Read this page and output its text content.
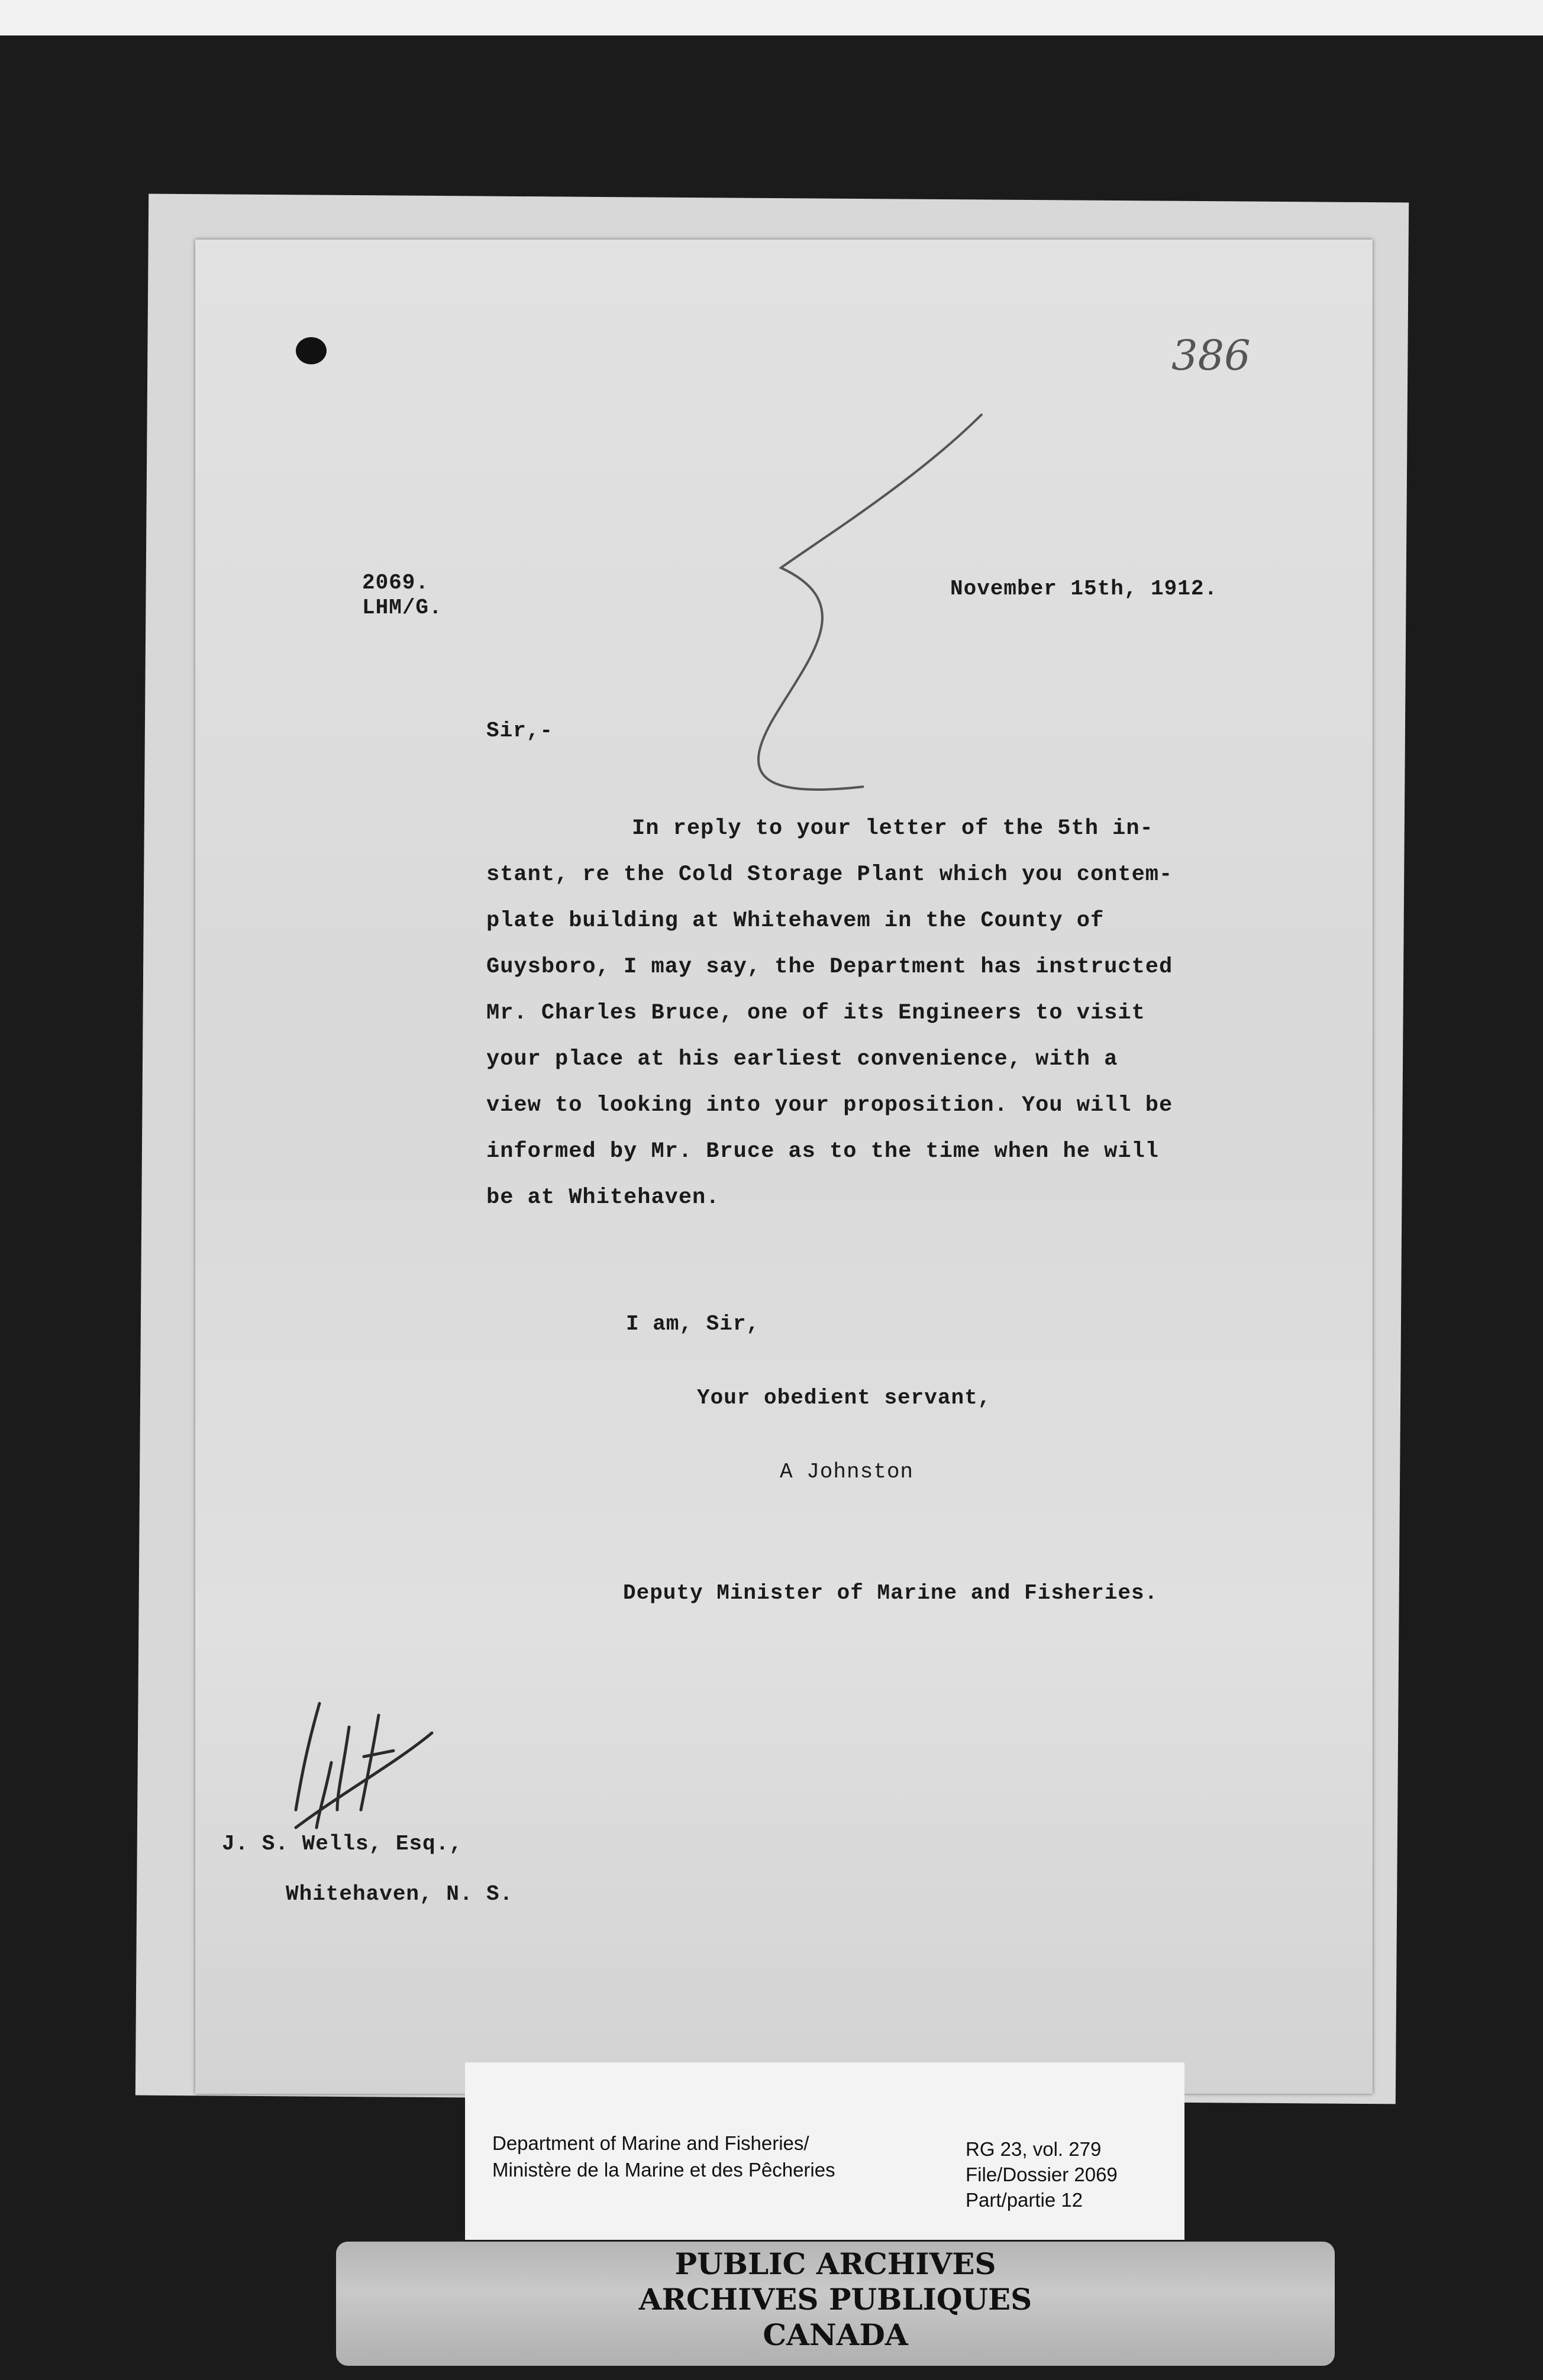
386
2069.
LHM/G.
November 15th, 1912.
Sir,-
In reply to your letter of the 5th in-
stant, re the Cold Storage Plant which you contem-
plate building at Whitehavem in the County of
Guysboro, I may say, the Department has instructed
Mr. Charles Bruce, one of its Engineers to visit
your place at his earliest convenience, with a
view to looking into your proposition. You will be
informed by Mr. Bruce as to the time when he will
be at Whitehaven.
I am, Sir,
Your obedient servant,
A Johnston
Deputy Minister of Marine and Fisheries.
J. S. Wells, Esq.,
Whitehaven, N. S.
Department of Marine and Fisheries/
Ministère de la Marine et des Pêcheries
RG 23, vol. 279
File/Dossier 2069
Part/partie 12
PUBLIC ARCHIVES
ARCHIVES PUBLIQUES
CANADA
